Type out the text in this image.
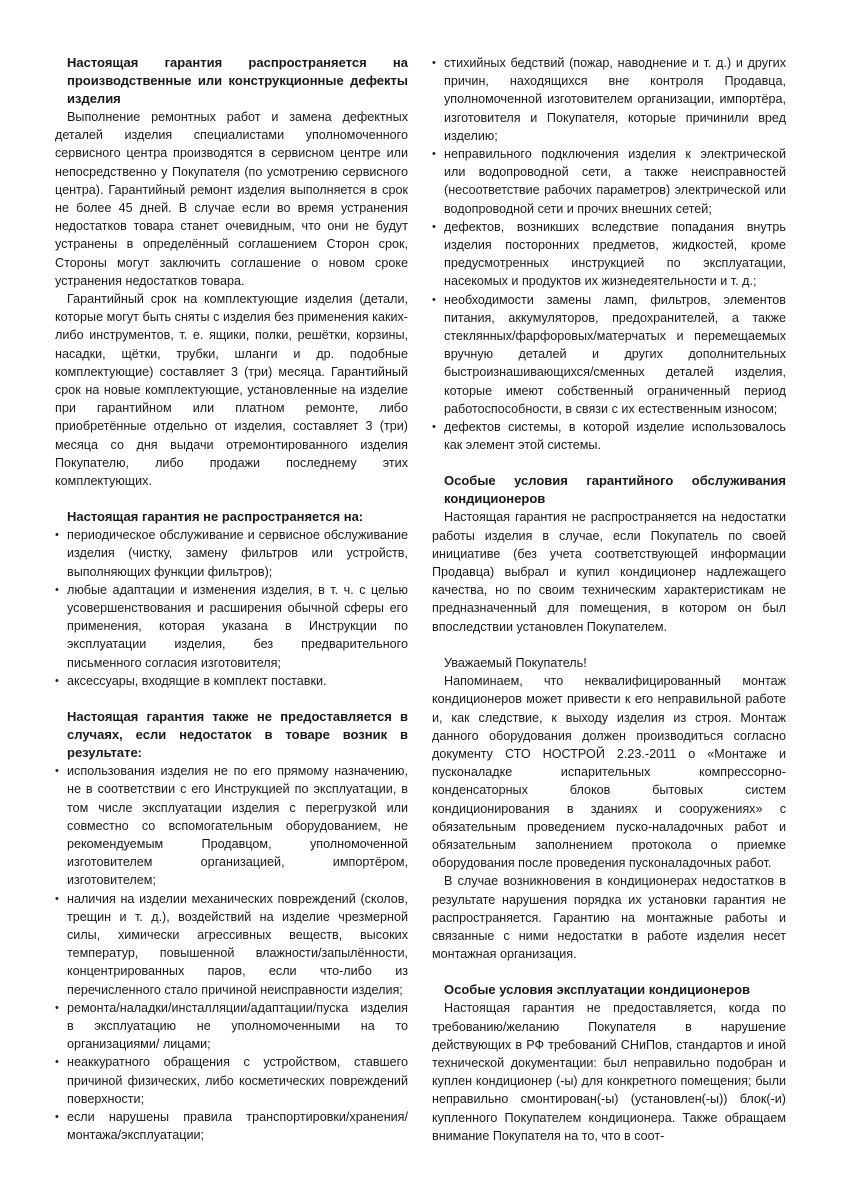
Настоящая гарантия распространяется на производственные или конструкционные дефекты изделия

Выполнение ремонтных работ и замена дефектных деталей изделия специалистами уполномоченного сервисного центра производятся в сервисном центре или непосредственно у Покупателя (по усмотрению сервисного центра). Гарантийный ремонт изделия выполняется в срок не более 45 дней. В случае если во время устранения недостатков товара станет очевидным, что они не будут устранены в определённый соглашением Сторон срок, Стороны могут заключить соглашение о новом сроке устранения недостатков товара.

Гарантийный срок на комплектующие изделия (детали, которые могут быть сняты с изделия без применения каких-либо инструментов, т. е. ящики, полки, решётки, корзины, насадки, щётки, трубки, шланги и др. подобные комплектующие) составляет 3 (три) месяца. Гарантийный срок на новые комплектующие, установленные на изделие при гарантийном или платном ремонте, либо приобретённые отдельно от изделия, составляет 3 (три) месяца со дня выдачи отремонтированного изделия Покупателю, либо продажи последнему этих комплектующих.

Настоящая гарантия не распространяется на:
• периодическое обслуживание и сервисное обслуживание изделия (чистку, замену фильтров или устройств, выполняющих функции фильтров);
• любые адаптации и изменения изделия, в т. ч. с целью усовершенствования и расширения обычной сферы его применения, которая указана в Инструкции по эксплуатации изделия, без предварительного письменного согласия изготовителя;
• аксессуары, входящие в комплект поставки.
Настоящая гарантия также не предоставляется в случаях, если недостаток в товаре возник в результате:
• использования изделия не по его прямому назначению, не в соответствии с его Инструкцией по эксплуатации, в том числе эксплуатации изделия с перегрузкой или совместно со вспомогательным оборудованием, не рекомендуемым Продавцом, уполномоченной изготовителем организацией, импортёром, изготовителем;
• наличия на изделии механических повреждений (сколов, трещин и т. д.), воздействий на изделие чрезмерной силы, химически агрессивных веществ, высоких температур, повышенной влажности/запылённости, концентрированных паров, если что-либо из перечисленного стало причиной неисправности изделия;
• ремонта/наладки/инсталляции/адаптации/пуска изделия в эксплуатацию не уполномоченными на то организациями/ лицами;
• неаккуратного обращения с устройством, ставшего причиной физических, либо косметических повреждений поверхности;
• если нарушены правила транспортировки/хранения/монтажа/эксплуатации;
• стихийных бедствий (пожар, наводнение и т. д.) и других причин, находящихся вне контроля Продавца, уполномоченной изготовителем организации, импортёра, изготовителя и Покупателя, которые причинили вред изделию;
• неправильного подключения изделия к электрической или водопроводной сети, а также неисправностей (несоответствие рабочих параметров) электрической или водопроводной сети и прочих внешних сетей;
• дефектов, возникших вследствие попадания внутрь изделия посторонних предметов, жидкостей, кроме предусмотренных инструкцией по эксплуатации, насекомых и продуктов их жизнедеятельности и т. д.;
• необходимости замены ламп, фильтров, элементов питания, аккумуляторов, предохранителей, а также стеклянных/фарфоровых/матерчатых и перемещаемых вручную деталей и других дополнительных быстроизнашивающихся/сменных деталей изделия, которые имеют собственный ограниченный период работоспособности, в связи с их естественным износом;
• дефектов системы, в которой изделие использовалось как элемент этой системы.
Особые условия гарантийного обслуживания кондиционеров

Настоящая гарантия не распространяется на недостатки работы изделия в случае, если Покупатель по своей инициативе (без учета соответствующей информации Продавца) выбрал и купил кондиционер надлежащего качества, но по своим техническим характеристикам не предназначенный для помещения, в котором он был впоследствии установлен Покупателем.

Уважаемый Покупатель!

Напоминаем, что неквалифицированный монтаж кондиционеров может привести к его неправильной работе и, как следствие, к выходу изделия из строя. Монтаж данного оборудования должен производиться согласно документу СТО НОСТРОЙ 2.23.-2011 о «Монтаже и пусконаладке испарительных компрессорно-конденсаторных блоков бытовых систем кондиционирования в зданиях и сооружениях» с обязательным проведением пуско-наладочных работ и обязательным заполнением протокола о приемке оборудования после проведения пусконаладочных работ.

В случае возникновения в кондиционерах недостатков в результате нарушения порядка их установки гарантия не распространяется. Гарантию на монтажные работы и связанные с ними недостатки в работе изделия несет монтажная организация.

Особые условия эксплуатации кондиционеров

Настоящая гарантия не предоставляется, когда по требованию/желанию Покупателя в нарушение действующих в РФ требований СНиПов, стандартов и иной технической документации: был неправильно подобран и куплен кондиционер (-ы) для конкретного помещения; были неправильно смонтирован(-ы) (установлен(-ы)) блок(-и) купленного Покупателем кондиционера. Также обращаем внимание Покупателя на то, что в соот-
